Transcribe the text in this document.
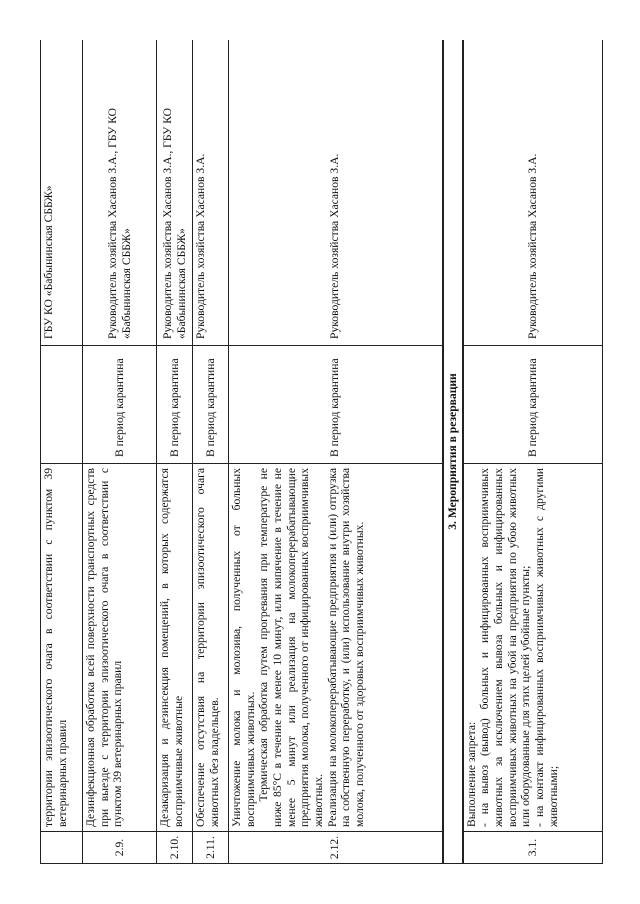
	территории эпизоотического очага в соответствии с пунктом 39 ветеринарных правил		ГБУ КО «Бабынинская СББЖ»
2.9.	Дезинфекционная обработка всей поверхности транспортных средств при выезде с территории эпизоотического очага в соответствии с пунктом 39 ветеринарных правил	В период карантина	Руководитель хозяйства Хасанов З.А., ГБУ КО «Бабынинская СББЖ»
2.10.	Дезакаризация и дезинсекция помещений, в которых содержатся восприимчивые животные	В период карантина	Руководитель хозяйства Хасанов З.А., ГБУ КО «Бабынинская СББЖ»
2.11.	Обеспечение отсутствия на территории эпизоотического очага животных без владельцев.	В период карантина	Руководитель хозяйства Хасанов З.А.
2.12.	Уничтожение молока и молозива, полученных от больных восприимчивых животных. Термическая обработка путем прогревания при температуре не ниже 85°С в течение не менее 10 минут, или кипячение в течение не менее 5 минут или реализация на молокоперерабатывающие предприятия молока, полученного от инфицированных восприимчивых животных. Реализация на молокоперерабатывающие предприятия и (или) отгрузка на собственную переработку, и (или) использование внутри хозяйства молока, полученного от здоровых восприимчивых животных.	В период карантина	Руководитель хозяйства Хасанов З.А.
3. Мероприятия в резервации			
3.1.	Выполнение запрета: - на вывоз (вывод) больных и инфицированных восприимчивых животных за исключением вывоза больных и инфицированных восприимчивых животных на убой на предприятия по убою животных или оборудованные для этих целей убойные пункты; - на контакт инфицированных восприимчивых животных с другими животными;	В период карантина	Руководитель хозяйства Хасанов З.А.
